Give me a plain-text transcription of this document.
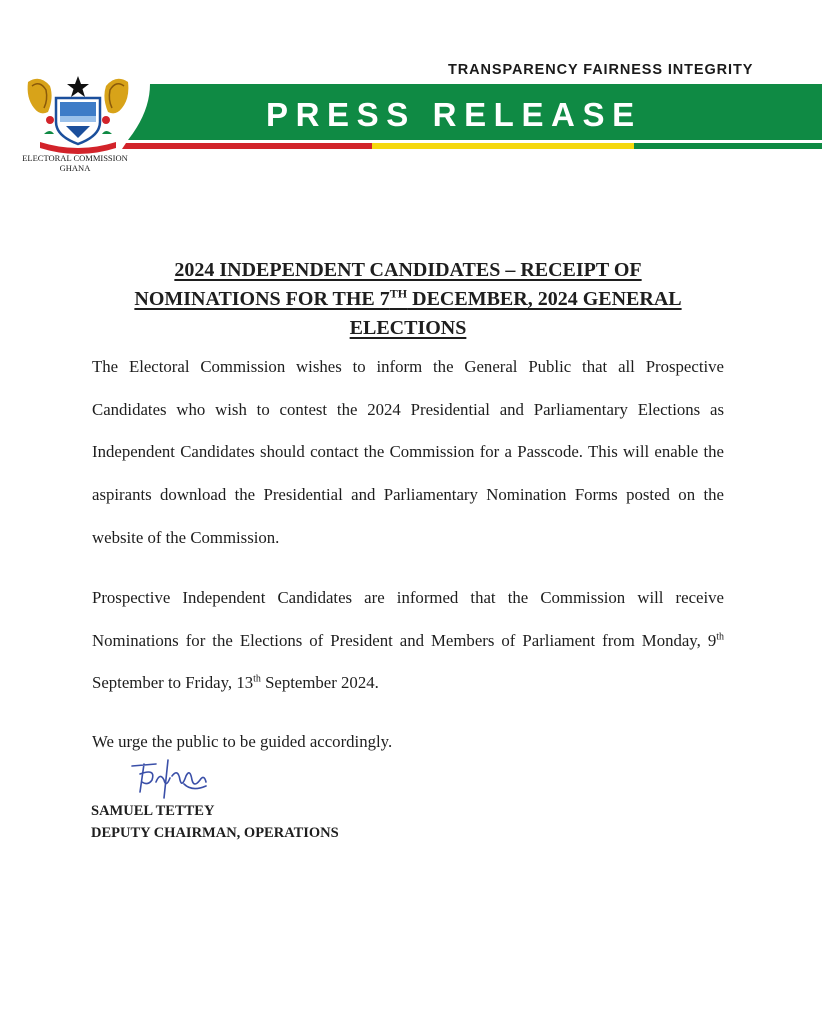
TRANSPARENCY FAIRNESS INTEGRITY
PRESS RELEASE
ELECTORAL COMMISSION
GHANA
2024 INDEPENDENT CANDIDATES – RECEIPT OF
NOMINATIONS FOR THE 7TH DECEMBER, 2024 GENERAL
ELECTIONS
The Electoral Commission wishes to inform the General Public that all Prospective Candidates who wish to contest the 2024 Presidential and Parliamentary Elections as Independent Candidates should contact the Commission for a Passcode. This will enable the aspirants download the Presidential and Parliamentary Nomination Forms posted on the website of the Commission.
Prospective Independent Candidates are informed that the Commission will receive Nominations for the Elections of President and Members of Parliament from Monday, 9th September to Friday, 13th September 2024.
We urge the public to be guided accordingly.
SAMUEL TETTEY
DEPUTY CHAIRMAN, OPERATIONS
